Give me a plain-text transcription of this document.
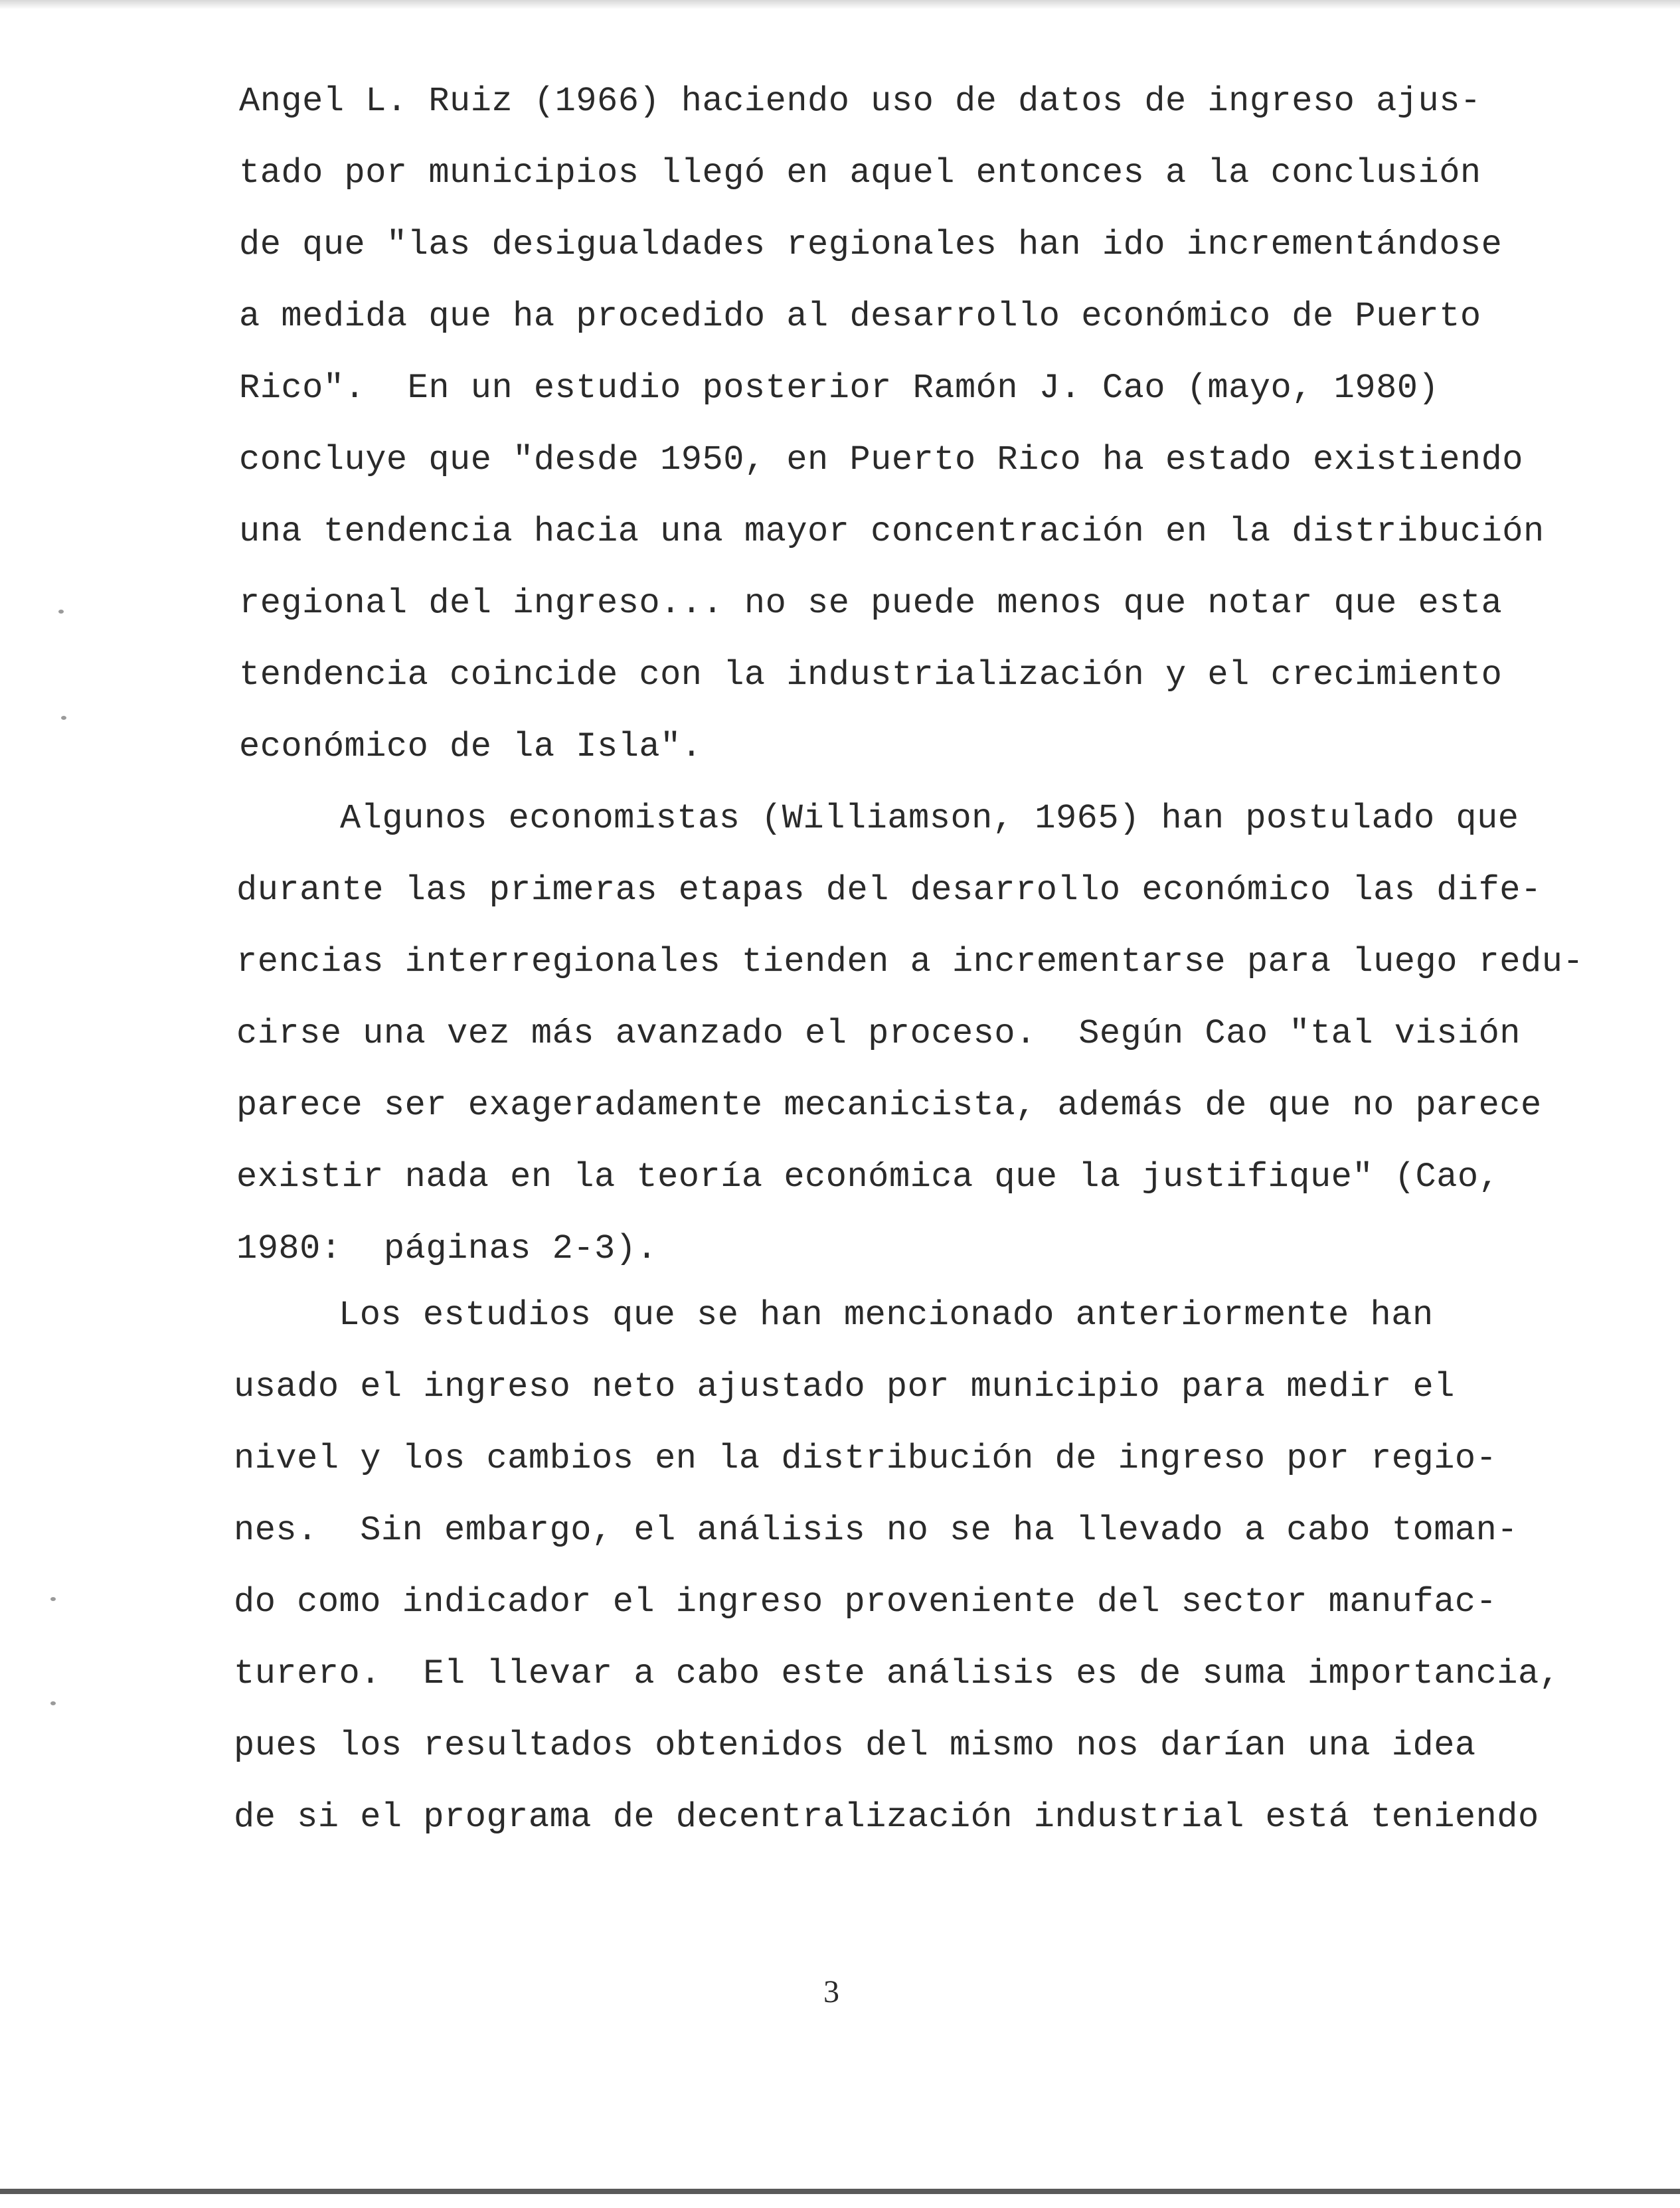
Angel L. Ruiz (1966) haciendo uso de datos de ingreso ajus-
tado por municipios llegó en aquel entonces a la conclusión
de que "las desigualdades regionales han ido incrementándose
a medida que ha procedido al desarrollo económico de Puerto
Rico".  En un estudio posterior Ramón J. Cao (mayo, 1980)
concluye que "desde 1950, en Puerto Rico ha estado existiendo
una tendencia hacia una mayor concentración en la distribución
regional del ingreso... no se puede menos que notar que esta
tendencia coincide con la industrialización y el crecimiento
económico de la Isla".
Algunos economistas (Williamson, 1965) han postulado que
durante las primeras etapas del desarrollo económico las dife-
rencias interregionales tienden a incrementarse para luego redu-
cirse una vez más avanzado el proceso.  Según Cao "tal visión
parece ser exageradamente mecanicista, además de que no parece
existir nada en la teoría económica que la justifique" (Cao,
1980:  páginas 2-3).
Los estudios que se han mencionado anteriormente han
usado el ingreso neto ajustado por municipio para medir el
nivel y los cambios en la distribución de ingreso por regio-
nes.  Sin embargo, el análisis no se ha llevado a cabo toman-
do como indicador el ingreso proveniente del sector manufac-
turero.  El llevar a cabo este análisis es de suma importancia,
pues los resultados obtenidos del mismo nos darían una idea
de si el programa de decentralización industrial está teniendo
3
